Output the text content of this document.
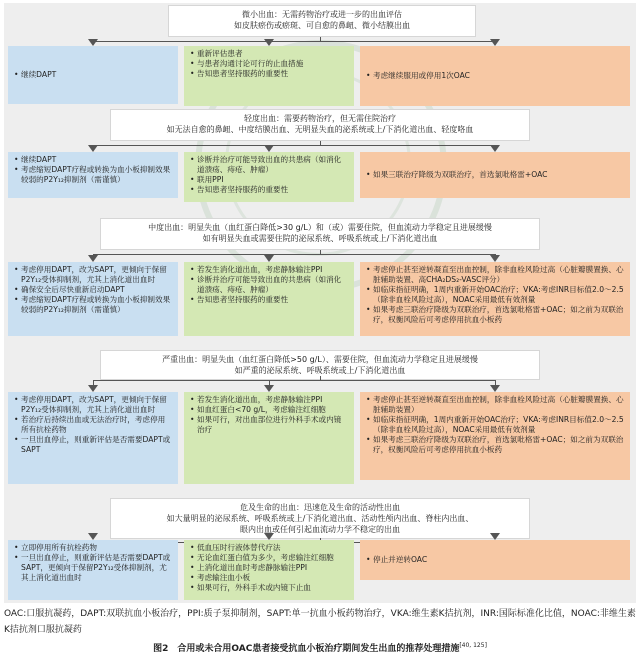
OAC:口服抗凝药，DAPT:双联抗血小板治疗，PPI:质子泵抑制剂，SAPT:单一抗血小板药物治疗，VKA:维生素K拮抗剂，INR:国际标准化比值，NOAC:非维生素K拮抗剂口服抗凝药
图2　合用或未合用OAC患者接受抗血小板治疗期间发生出血的推荐处理措施[40, 125]
微小出血：无需药物治疗或进一步的出血评估
如皮肤瘀伤或瘀斑、可自愈的鼻衄、微小结膜出血
• 继续DAPT
• 重新评估患者
• 与患者沟通讨论可行的止血措施
• 告知患者坚持服药的重要性
•	考虑继续服用或停用1次OAC
轻度出血：需要药物治疗，但无需住院治疗
如无法自愈的鼻衄、中度结膜出血、无明显失血的泌系统或上/下消化道出血、轻度咯血
• 继续DAPT
• 考虑缩短DAPT疗程或转换为血小板抑制效果较弱的P2Y₁₂抑制剂（需谨慎）
• 诊断并治疗可能导致出血的共患病（如消化道溃疡、痔疮、肿瘤）
• 联用PPI
• 告知患者坚持服药的重要性
• 如果三联治疗降级为双联治疗，首选氯吡格雷+OAC
中度出血：明显失血（血红蛋白降低>30 g/L）和（或）需要住院，但血流动力学稳定且进展缓慢
如有明显失血或需要住院的泌尿系统、呼吸系统或上/下消化道出血
• 考虑停用DAPT，改为SAPT，更倾向于保留P2Y₁₂受体抑制剂，尤其上消化道出血时
• 确保安全后尽快重新启动DAPT
• 考虑缩短DAPT疗程或转换为血小板抑制效果较弱的P2Y₁₂抑制剂（需谨慎）
• 若发生消化道出血，考虑静脉输注PPI
• 诊断并治疗可能导致出血的共患病（如消化道溃疡、痔疮、肿瘤）
• 告知患者坚持服药的重要性
• 考虑停止甚至逆转凝直至出血控制，除非血栓风险过高（心脏瓣膜置换、心脏辅助装置、高CHA₂DS₂-VASC评分）
• 如临床指征明确，1周内重新开始OAC治疗；VKA:考虑INR目标值2.0～2.5（除非血栓风险过高），NOAC采用最低有效剂量
• 如果考虑三联治疗降级为双联治疗，首选氯吡格雷+OAC；如之前为双联治疗，权衡风险后可考虑停用抗血小板药
严重出血：明显失血（血红蛋白降低>50 g/L）、需要住院，但血流动力学稳定且进展缓慢
如严重的泌尿系统、呼吸系统或上/下消化道出血
• 考虑停用DAPT，改为SAPT，更倾向于保留P2Y₁₂受体抑制剂，尤其上消化道出血时
• 若治疗后持续出血或无法治疗时，考虑停用所有抗栓药物
• 一旦出血停止，则重新评估是否需要DAPT或SAPT
• 若发生消化道出血，考虑静脉输注PPI
• 如血红蛋白<70 g/L，考虑输注红细胞
• 如果可行，对出血部位进行外科手术或内镜治疗
• 考虑停止甚至逆转凝直至出血控制，除非血栓风险过高（心脏瓣膜置换、心脏辅助装置）
• 如临床指征明确，1周内重新开始OAC治疗；VKA:考虑INR目标值2.0～2.5（除非血栓风险过高），NOAC采用最低有效剂量
• 如果考虑三联治疗降级为双联治疗，首选氯吡格雷+OAC；如之前为双联治疗，权衡风险后可考虑停用抗血小板药
危及生命的出血：迅速危及生命的活动性出血
如大量明显的泌尿系统、呼吸系统或上/下消化道出血、活动性颅内出血、脊柱内出血、
眼内出血或任何引起血流动力学不稳定的出血
• 立即停用所有抗栓药物
• 一旦出血停止，则重新评估是否需要DAPT或SAPT，更倾向于保留P2Y₁₂受体抑制剂，尤其上消化道出血时
• 低血压时行液体替代疗法
• 无论血红蛋白值为多少，考虑输注红细胞
• 上消化道出血时考虑静脉输注PPI
• 考虑输注血小板
• 如果可行，外科手术或内镜下止血
• 停止并逆转OAC
